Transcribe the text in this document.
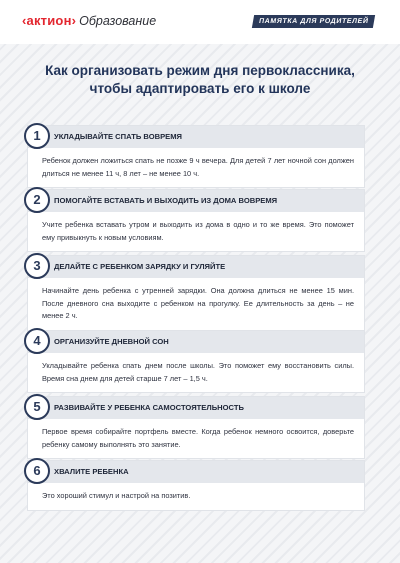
‹актион› Образование	ПАМЯТКА ДЛЯ РОДИТЕЛЕЙ
Как организовать режим дня первоклассника,
чтобы адаптировать его к школе
1	УКЛАДЫВАЙТЕ СПАТЬ ВОВРЕМЯ
Ребенок должен ложиться спать не позже 9 ч вечера. Для детей 7 лет ночной сон должен длиться не менее 11 ч, 8 лет – не менее 10 ч.
2	ПОМОГАЙТЕ ВСТАВАТЬ И ВЫХОДИТЬ ИЗ ДОМА ВОВРЕМЯ
Учите ребенка вставать утром и выходить из дома в одно и то же время. Это поможет ему привыкнуть к новым условиям.
3	ДЕЛАЙТЕ С РЕБЕНКОМ ЗАРЯДКУ И ГУЛЯЙТЕ
Начинайте день ребенка с утренней зарядки. Она должна длиться не менее 15 мин. После дневного сна выходите с ребенком на прогулку. Ее длительность за день – не менее 2 ч.
4	ОРГАНИЗУЙТЕ ДНЕВНОЙ СОН
Укладывайте ребенка спать днем после школы. Это поможет ему восстановить силы. Время сна днем для детей старше 7 лет – 1,5 ч.
5	РАЗВИВАЙТЕ У РЕБЕНКА САМОСТОЯТЕЛЬНОСТЬ
Первое время собирайте портфель вместе. Когда ребенок немного освоится, доверьте ребенку самому выполнять это занятие.
6	ХВАЛИТЕ РЕБЕНКА
Это хороший стимул и настрой на позитив.
